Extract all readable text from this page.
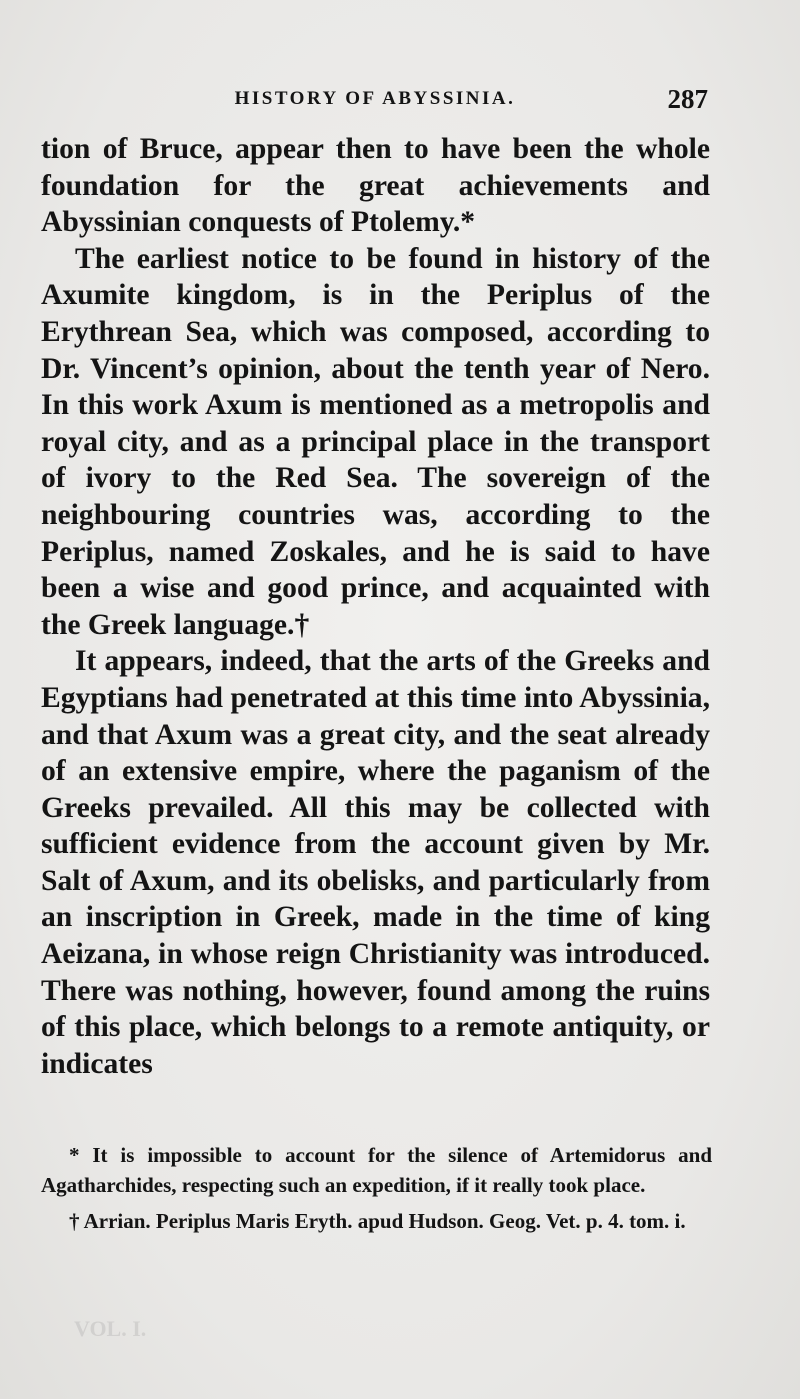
HISTORY OF ABYSSINIA.	287

tion of Bruce, appear then to have been the whole foundation for the great achievements and Abyssinian conquests of Ptolemy.*

The earliest notice to be found in history of the Axumite kingdom, is in the Periplus of the Erythrean Sea, which was composed, according to Dr. Vincent’s opinion, about the tenth year of Nero. In this work Axum is mentioned as a metropolis and royal city, and as a principal place in the transport of ivory to the Red Sea. The sovereign of the neighbouring countries was, according to the Periplus, named Zoskales, and he is said to have been a wise and good prince, and acquainted with the Greek language.†

It appears, indeed, that the arts of the Greeks and Egyptians had penetrated at this time into Abyssinia, and that Axum was a great city, and the seat already of an extensive empire, where the paganism of the Greeks prevailed. All this may be collected with sufficient evidence from the account given by Mr. Salt of Axum, and its obelisks, and particularly from an inscription in Greek, made in the time of king Aeizana, in whose reign Christianity was introduced. There was nothing, however, found among the ruins of this place, which belongs to a remote antiquity, or indicates

* It is impossible to account for the silence of Artemidorus and Agatharchides, respecting such an expedition, if it really took place.

† Arrian. Periplus Maris Eryth. apud Hudson. Geog. Vet. p. 4. tom. i.

VOL. I.
